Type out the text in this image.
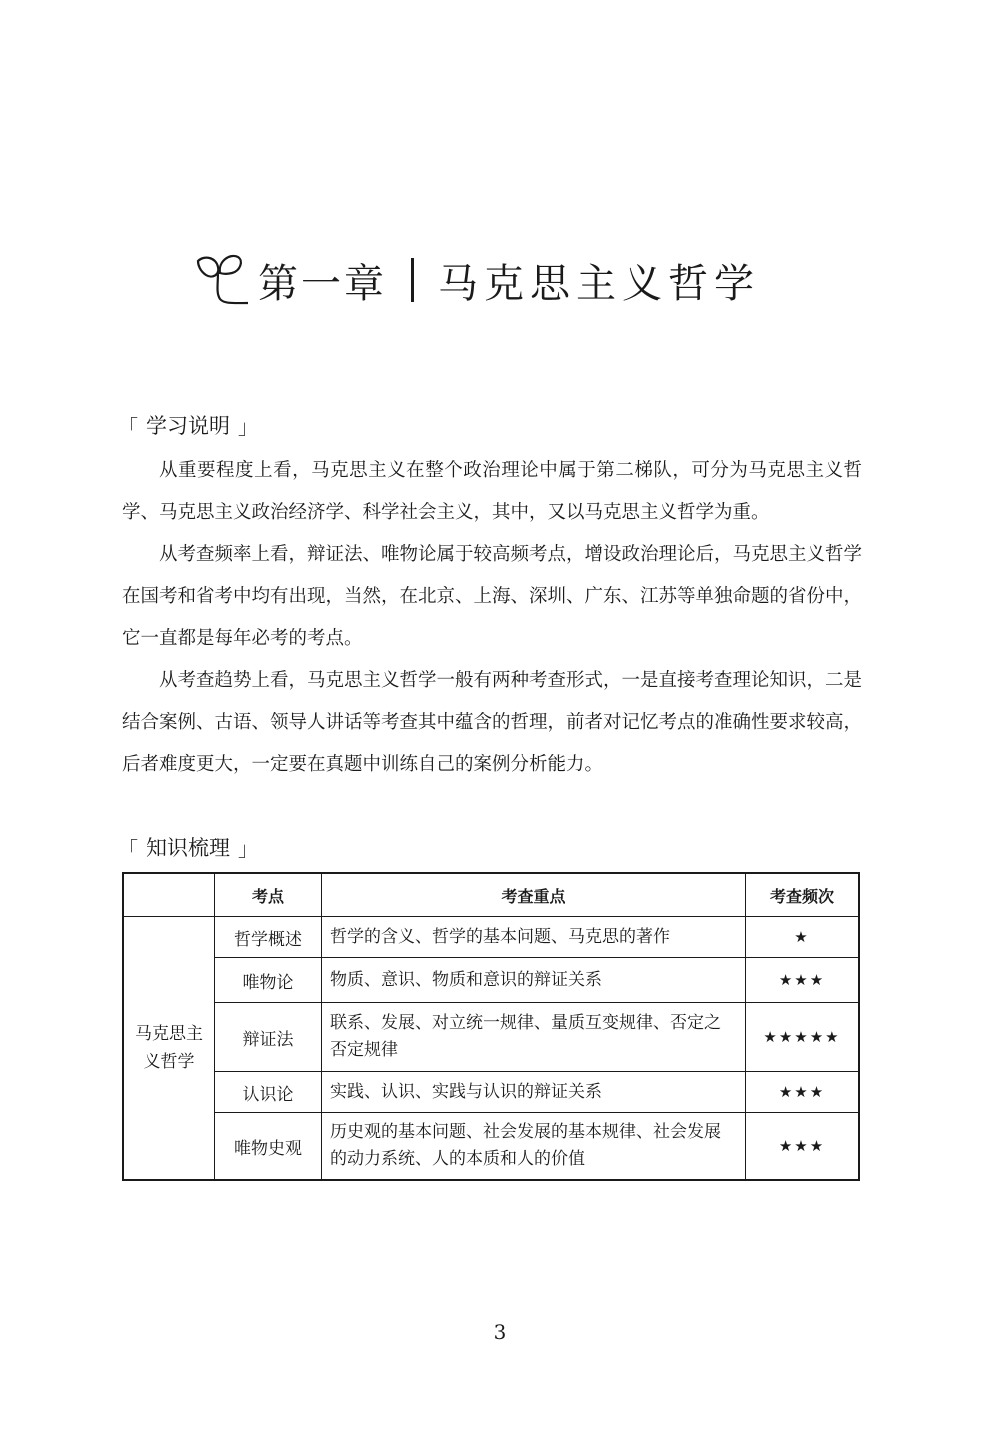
第一章 马克思主义哲学
「 学习说明 」

从重要程度上看，马克思主义在整个政治理论中属于第二梯队，可分为马克思主义哲学、马克思主义政治经济学、科学社会主义，其中，又以马克思主义哲学为重。

从考查频率上看，辩证法、唯物论属于较高频考点，增设政治理论后，马克思主义哲学在国考和省考中均有出现，当然，在北京、上海、深圳、广东、江苏等单独命题的省份中，它一直都是每年必考的考点。

从考查趋势上看，马克思主义哲学一般有两种考查形式，一是直接考查理论知识，二是结合案例、古语、领导人讲话等考查其中蕴含的哲理，前者对记忆考点的准确性要求较高，后者难度更大，一定要在真题中训练自己的案例分析能力。

「 知识梳理 」
	考点	考查重点	考查频次
马克思主义哲学	哲学概述	哲学的含义、哲学的基本问题、马克思的著作	★
	唯物论	物质、意识、物质和意识的辩证关系	★★★
	辩证法	联系、发展、对立统一规律、量质互变规律、否定之否定规律	★★★★★
	认识论	实践、认识、实践与认识的辩证关系	★★★
	唯物史观	历史观的基本问题、社会发展的基本规律、社会发展的动力系统、人的本质和人的价值	★★★
3
